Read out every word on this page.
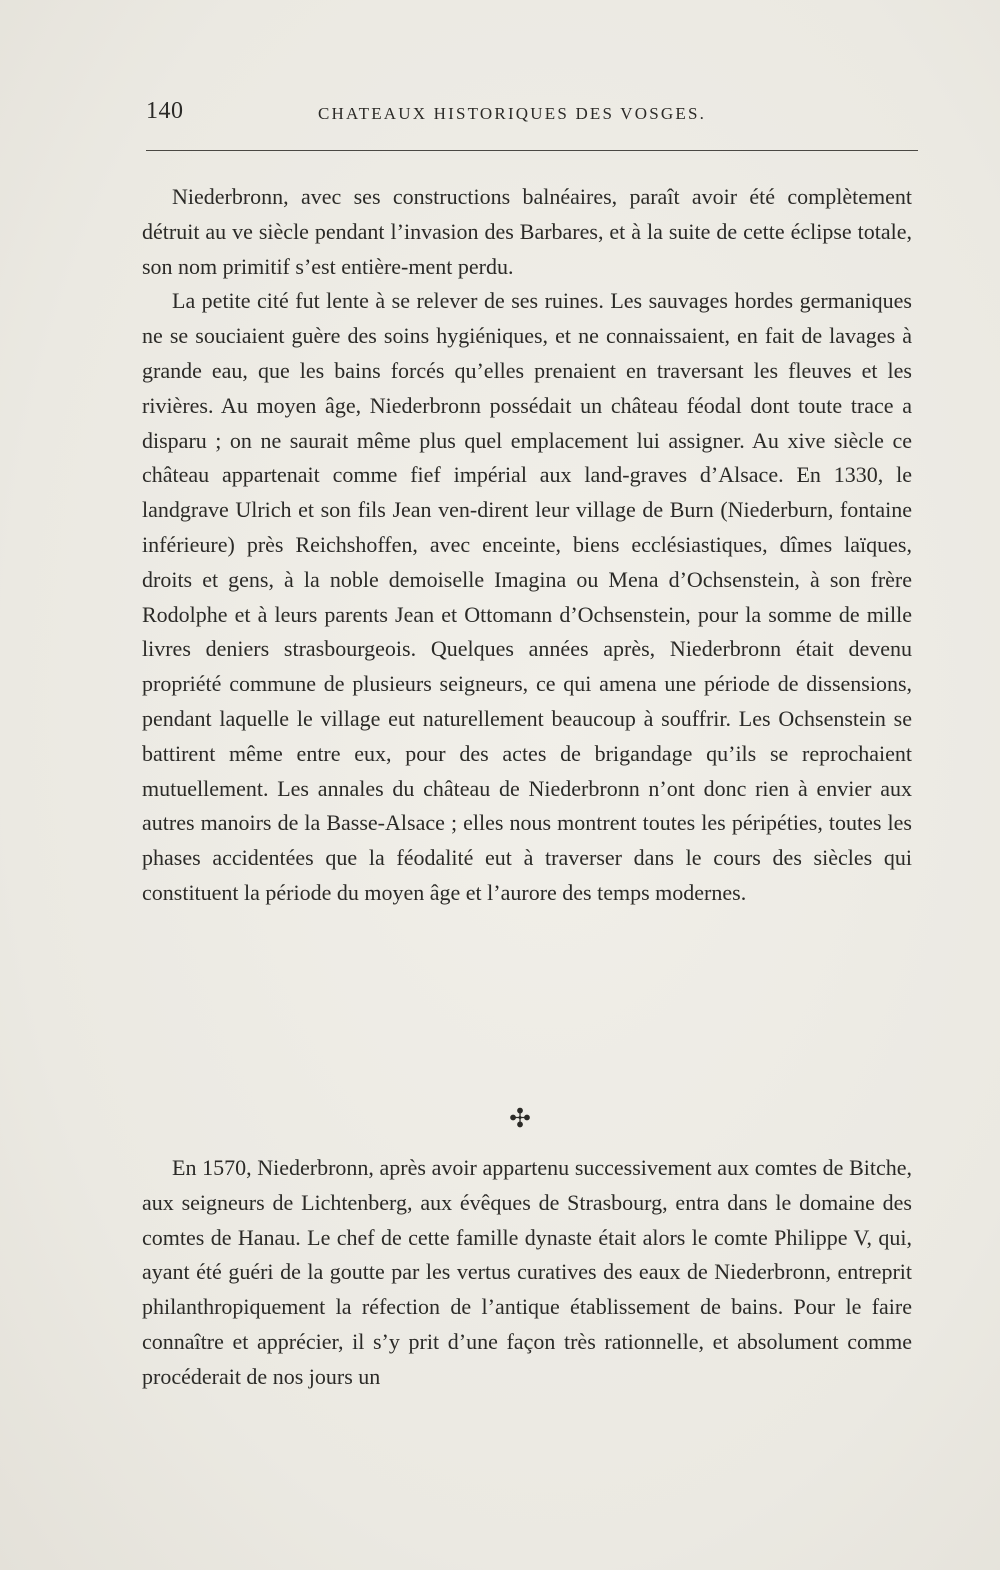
140	CHATEAUX HISTORIQUES DES VOSGES.

Niederbronn, avec ses constructions balnéaires, paraît avoir été complètement détruit au ve siècle pendant l’invasion des Barbares, et à la suite de cette éclipse totale, son nom primitif s’est entière-ment perdu.

La petite cité fut lente à se relever de ses ruines. Les sauvages hordes germaniques ne se souciaient guère des soins hygiéniques, et ne connaissaient, en fait de lavages à grande eau, que les bains forcés qu’elles prenaient en traversant les fleuves et les rivières. Au moyen âge, Niederbronn possédait un château féodal dont toute trace a disparu ; on ne saurait même plus quel emplacement lui assigner. Au xive siècle ce château appartenait comme fief impérial aux land-graves d’Alsace. En 1330, le landgrave Ulrich et son fils Jean ven-dirent leur village de Burn (Niederburn, fontaine inférieure) près Reichshoffen, avec enceinte, biens ecclésiastiques, dîmes laïques, droits et gens, à la noble demoiselle Imagina ou Mena d’Ochsenstein, à son frère Rodolphe et à leurs parents Jean et Ottomann d’Ochsenstein, pour la somme de mille livres deniers strasbourgeois. Quelques années après, Niederbronn était devenu propriété commune de plusieurs seigneurs, ce qui amena une période de dissensions, pendant laquelle le village eut naturellement beaucoup à souffrir. Les Ochsenstein se battirent même entre eux, pour des actes de brigandage qu’ils se reprochaient mutuellement. Les annales du château de Niederbronn n’ont donc rien à envier aux autres manoirs de la Basse-Alsace ; elles nous montrent toutes les péripéties, toutes les phases accidentées que la féodalité eut à traverser dans le cours des siècles qui constituent la période du moyen âge et l’aurore des temps modernes.

✣

En 1570, Niederbronn, après avoir appartenu successivement aux comtes de Bitche, aux seigneurs de Lichtenberg, aux évêques de Strasbourg, entra dans le domaine des comtes de Hanau. Le chef de cette famille dynaste était alors le comte Philippe V, qui, ayant été guéri de la goutte par les vertus curatives des eaux de Niederbronn, entreprit philanthropiquement la réfection de l’antique établissement de bains. Pour le faire connaître et apprécier, il s’y prit d’une façon très rationnelle, et absolument comme procéderait de nos jours un
